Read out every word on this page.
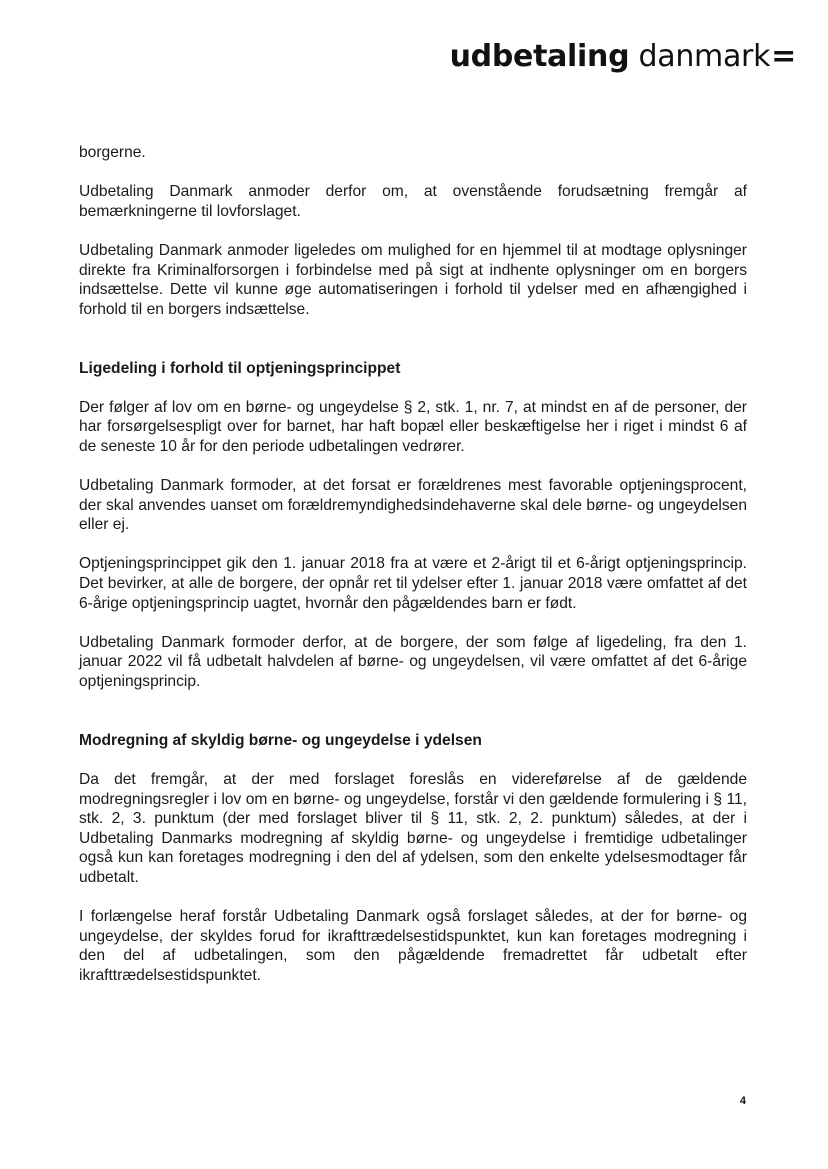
udbetaling danmark=

borgerne.

Udbetaling Danmark anmoder derfor om, at ovenstående forudsætning fremgår af bemærkningerne til lovforslaget.

Udbetaling Danmark anmoder ligeledes om mulighed for en hjemmel til at modtage oplysninger direkte fra Kriminalforsorgen i forbindelse med på sigt at indhente oplysninger om en borgers indsættelse. Dette vil kunne øge automatiseringen i forhold til ydelser med en afhængighed i forhold til en borgers indsættelse.

Ligedeling i forhold til optjeningsprincippet

Der følger af lov om en børne- og ungeydelse § 2, stk. 1, nr. 7, at mindst en af de personer, der har forsørgelsespligt over for barnet, har haft bopæl eller beskæftigelse her i riget i mindst 6 af de seneste 10 år for den periode udbetalingen vedrører.

Udbetaling Danmark formoder, at det forsat er forældrenes mest favorable optjeningsprocent, der skal anvendes uanset om forældremyndighedsindehaverne skal dele børne- og ungeydelsen eller ej.

Optjeningsprincippet gik den 1. januar 2018 fra at være et 2-årigt til et 6-årigt optjeningsprincip. Det bevirker, at alle de borgere, der opnår ret til ydelser efter 1. januar 2018 være omfattet af det 6-årige optjeningsprincip uagtet, hvornår den pågældendes barn er født.

Udbetaling Danmark formoder derfor, at de borgere, der som følge af ligedeling, fra den 1. januar 2022 vil få udbetalt halvdelen af børne- og ungeydelsen, vil være omfattet af det 6-årige optjeningsprincip.

Modregning af skyldig børne- og ungeydelse i ydelsen

Da det fremgår, at der med forslaget foreslås en videreførelse af de gældende modregningsregler i lov om en børne- og ungeydelse, forstår vi den gældende formulering i § 11, stk. 2, 3. punktum (der med forslaget bliver til § 11, stk. 2, 2. punktum) således, at der i Udbetaling Danmarks modregning af skyldig børne- og ungeydelse i fremtidige udbetalinger også kun kan foretages modregning i den del af ydelsen, som den enkelte ydelsesmodtager får udbetalt.

I forlængelse heraf forstår Udbetaling Danmark også forslaget således, at der for børne- og ungeydelse, der skyldes forud for ikrafttrædelsestidspunktet, kun kan foretages modregning i den del af udbetalingen, som den pågældende fremadrettet får udbetalt efter ikrafttrædelsestidspunktet.

4
